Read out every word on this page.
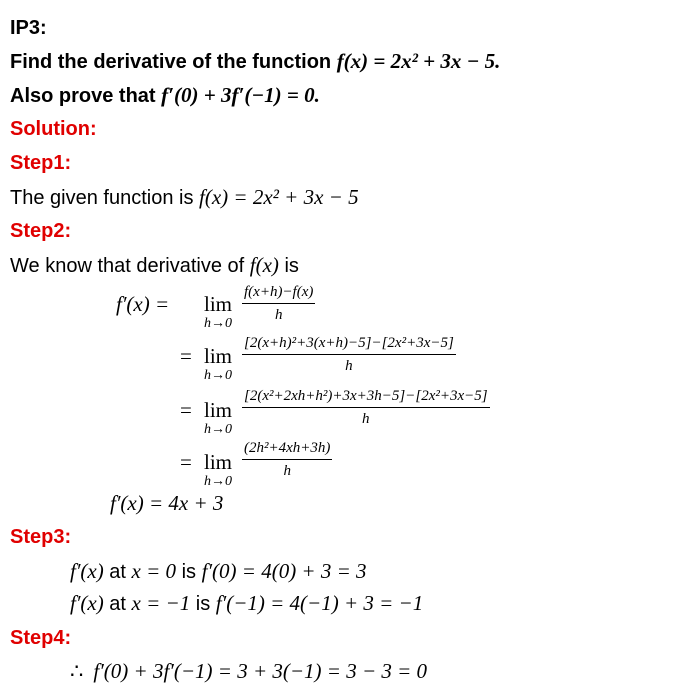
IP3:
Find the derivative of the function f(x) = 2x² + 3x − 5.
Also prove that f′(0) + 3f′(−1) = 0.
Solution:
Step1:
The given function is f(x) = 2x² + 3x − 5
Step2:
We know that derivative of f(x) is
f′(x) = lim
$h\to 0 \frac{f(x+h)-f(x)}{h}$
= lim
h→0
$\frac{\text{[2(x+h)²+3(x+h)−5]−[2x²+3x−5]}}{h}$
= lim
h→0
$\frac{\text{[2(x²+2xh+h²)+3x+3h−5]−[2x²+3x−5]}}{h}$
= lim
h→0
$\frac{\text{(2h²+4xh+3h)}}{h}$
f′(x) = 4x + 3
Step3:
f′(x) at x = 0 is f′(0) = 4(0) + 3 = 3
f′(x) at x = −1 is f′(−1) = 4(−1) + 3 = −1
Step4:
∴ f′(0) + 3f′(−1) = 3 + 3(−1) = 3 − 3 = 0
